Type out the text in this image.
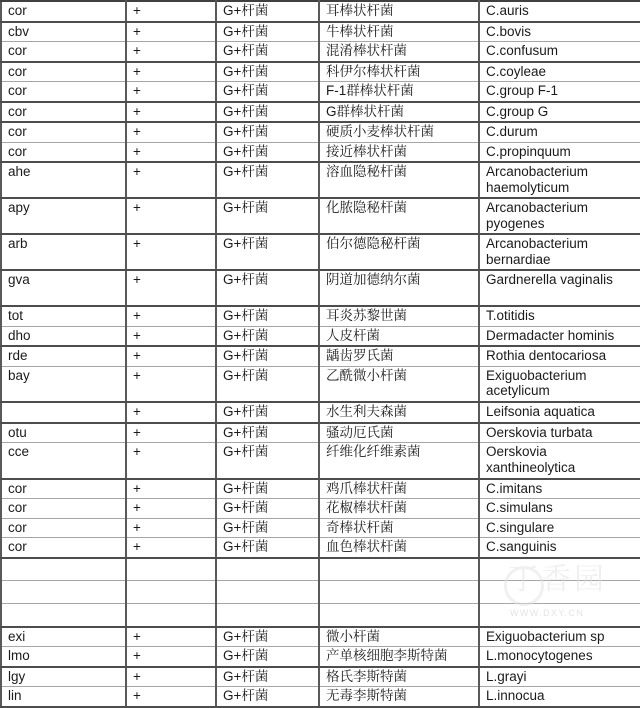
cor	+	G+杆菌	耳棒状杆菌	C.auris
cbv	+	G+杆菌	牛棒状杆菌	C.bovis
cor	+	G+杆菌	混淆棒状杆菌	C.confusum
cor	+	G+杆菌	科伊尔棒状杆菌	C.coyleae
cor	+	G+杆菌	F-1群棒状杆菌	C.group F-1
cor	+	G+杆菌	G群棒状杆菌	C.group G
cor	+	G+杆菌	硬质小麦棒状杆菌	C.durum
cor	+	G+杆菌	接近棒状杆菌	C.propinquum
ahe	+	G+杆菌	溶血隐秘杆菌	Arcanobacterium haemolyticum
apy	+	G+杆菌	化脓隐秘杆菌	Arcanobacterium pyogenes
arb	+	G+杆菌	伯尔德隐秘杆菌	Arcanobacterium bernardiae
gva	+	G+杆菌	阴道加德纳尔菌	Gardnerella vaginalis
tot	+	G+杆菌	耳炎苏黎世菌	T.otitidis
dho	+	G+杆菌	人皮杆菌	Dermadacter hominis
rde	+	G+杆菌	龋齿罗氏菌	Rothia dentocariosa
bay	+	G+杆菌	乙酰微小杆菌	Exiguobacterium acetylicum
	+	G+杆菌	水生利夫森菌	Leifsonia aquatica
otu	+	G+杆菌	骚动厄氏菌	Oerskovia turbata
cce	+	G+杆菌	纤维化纤维素菌	Oerskovia xanthineolytica
cor	+	G+杆菌	鸡爪棒状杆菌	C.imitans
cor	+	G+杆菌	花椒棒状杆菌	C.simulans
cor	+	G+杆菌	奇棒状杆菌	C.singulare
cor	+	G+杆菌	血色棒状杆菌	C.sanguinis

exi	+	G+杆菌	微小杆菌	Exiguobacterium sp
lmo	+	G+杆菌	产单核细胞李斯特菌	L.monocytogenes
lgy	+	G+杆菌	格氏李斯特菌	L.grayi
lin	+	G+杆菌	无毒李斯特菌	L.innocua
丁香园
WWW.DXY.CN
